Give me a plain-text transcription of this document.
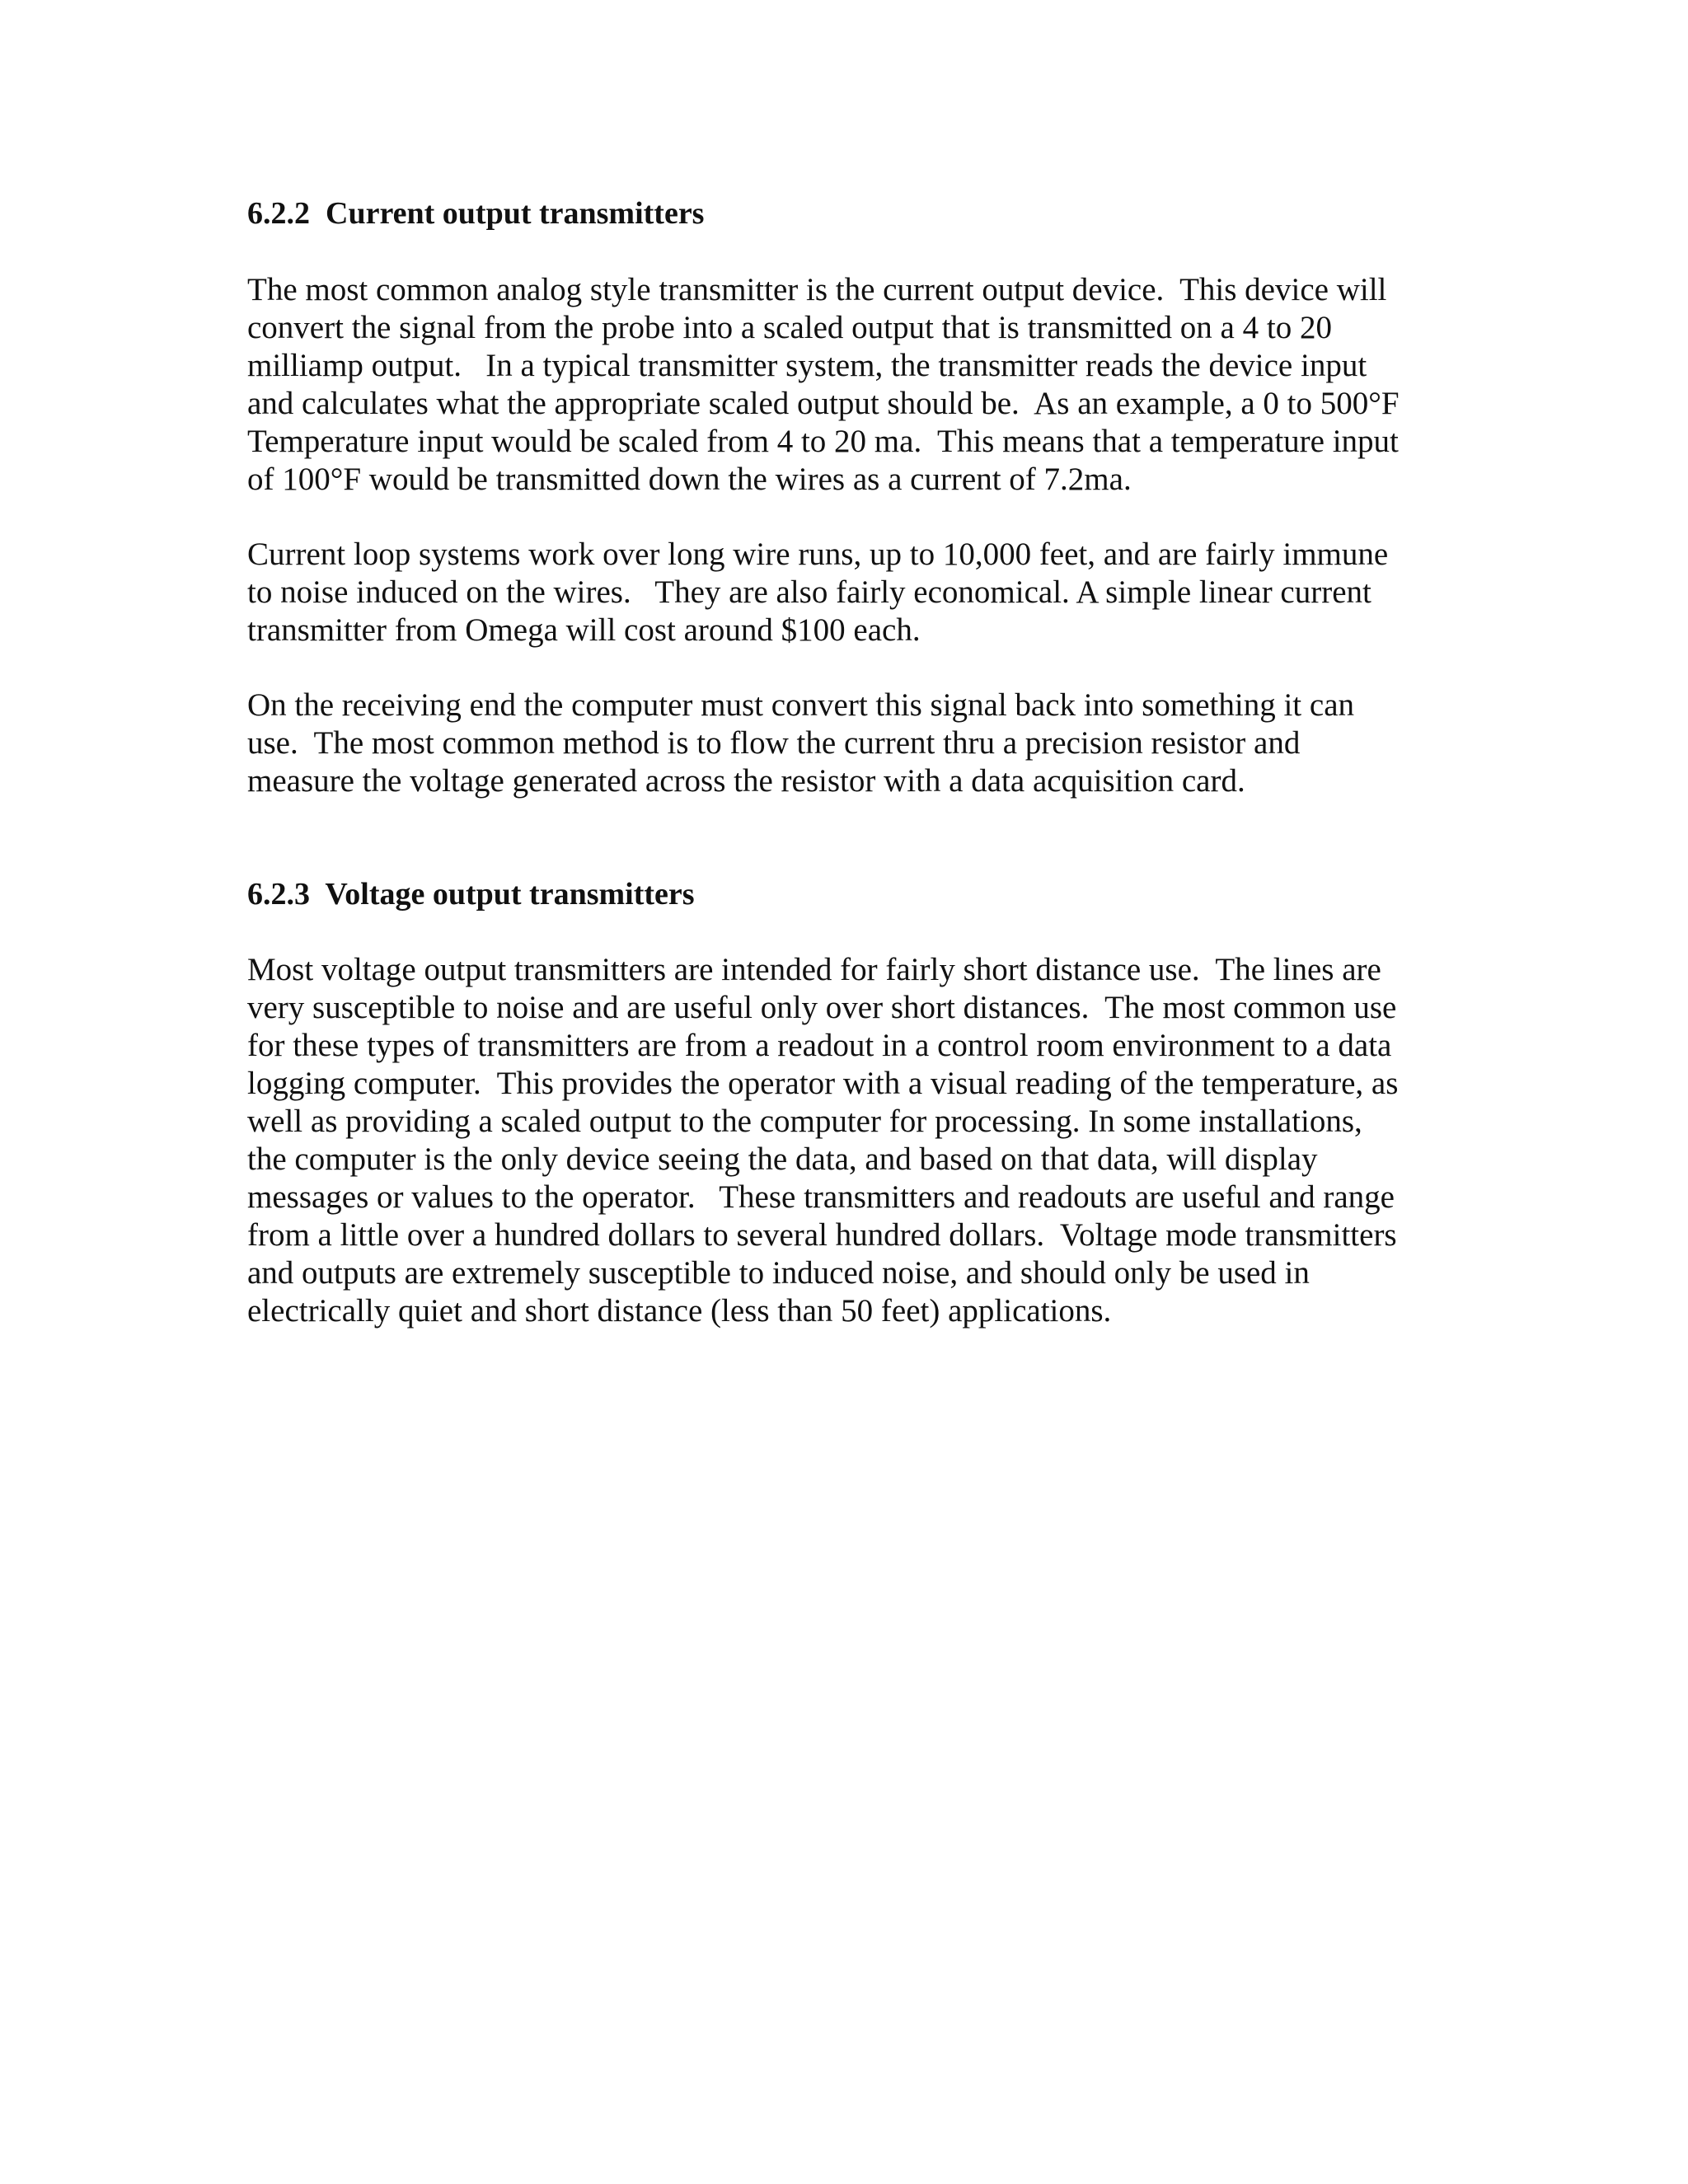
6.2.2  Current output transmitters
The most common analog style transmitter is the current output device.  This device will
convert the signal from the probe into a scaled output that is transmitted on a 4 to 20
milliamp output.   In a typical transmitter system, the transmitter reads the device input
and calculates what the appropriate scaled output should be.  As an example, a 0 to 500°F
Temperature input would be scaled from 4 to 20 ma.  This means that a temperature input
of 100°F would be transmitted down the wires as a current of 7.2ma.
Current loop systems work over long wire runs, up to 10,000 feet, and are fairly immune
to noise induced on the wires.   They are also fairly economical. A simple linear current
transmitter from Omega will cost around $100 each.
On the receiving end the computer must convert this signal back into something it can
use.  The most common method is to flow the current thru a precision resistor and
measure the voltage generated across the resistor with a data acquisition card.
6.2.3  Voltage output transmitters
Most voltage output transmitters are intended for fairly short distance use.  The lines are
very susceptible to noise and are useful only over short distances.  The most common use
for these types of transmitters are from a readout in a control room environment to a data
logging computer.  This provides the operator with a visual reading of the temperature, as
well as providing a scaled output to the computer for processing. In some installations,
the computer is the only device seeing the data, and based on that data, will display
messages or values to the operator.   These transmitters and readouts are useful and range
from a little over a hundred dollars to several hundred dollars.  Voltage mode transmitters
and outputs are extremely susceptible to induced noise, and should only be used in
electrically quiet and short distance (less than 50 feet) applications.
